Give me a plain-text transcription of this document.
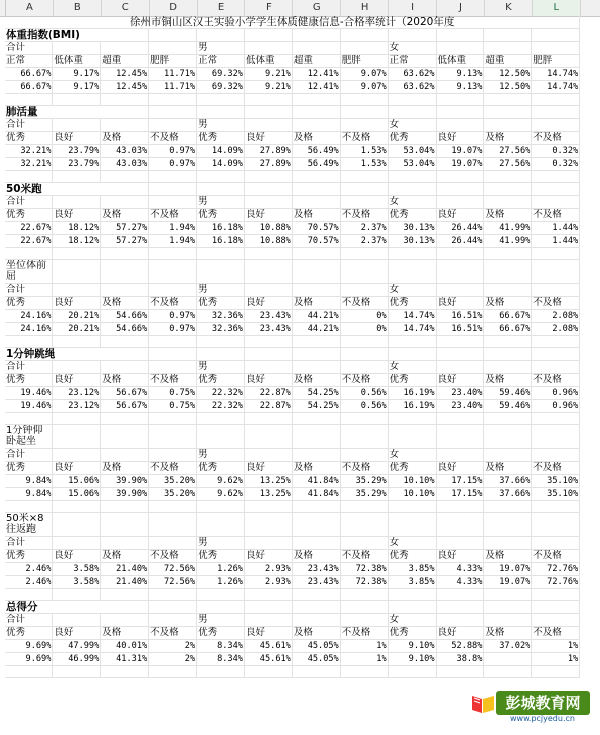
A	B	C	D	E	F	G	H	I	J	K	L
徐州市铜山区汉王实验小学学生体质健康信息-合格率统计（2020年度											
体重指数(BMI)											
合计				男				女			
正常	低体重	超重	肥胖	正常	低体重	超重	肥胖	正常	低体重	超重	肥胖
66.67%	9.17%	12.45%	11.71%	69.32%	9.21%	12.41%	9.07%	63.62%	9.13%	12.50%	14.74%
66.67%	9.17%	12.45%	11.71%	69.32%	9.21%	12.41%	9.07%	63.62%	9.13%	12.50%	14.74%

肺活量											
合计				男				女			
优秀	良好	及格	不及格	优秀	良好	及格	不及格	优秀	良好	及格	不及格
32.21%	23.79%	43.03%	0.97%	14.09%	27.89%	56.49%	1.53%	53.04%	19.07%	27.56%	0.32%
32.21%	23.79%	43.03%	0.97%	14.09%	27.89%	56.49%	1.53%	53.04%	19.07%	27.56%	0.32%

50米跑											
合计				男				女			
优秀	良好	及格	不及格	优秀	良好	及格	不及格	优秀	良好	及格	不及格
22.67%	18.12%	57.27%	1.94%	16.18%	10.88%	70.57%	2.37%	30.13%	26.44%	41.99%	1.44%
22.67%	18.12%	57.27%	1.94%	16.18%	10.88%	70.57%	2.37%	30.13%	26.44%	41.99%	1.44%

坐位体前屈											
合计				男				女			
优秀	良好	及格	不及格	优秀	良好	及格	不及格	优秀	良好	及格	不及格
24.16%	20.21%	54.66%	0.97%	32.36%	23.43%	44.21%	0%	14.74%	16.51%	66.67%	2.08%
24.16%	20.21%	54.66%	0.97%	32.36%	23.43%	44.21%	0%	14.74%	16.51%	66.67%	2.08%

1分钟跳绳											
合计				男				女			
优秀	良好	及格	不及格	优秀	良好	及格	不及格	优秀	良好	及格	不及格
19.46%	23.12%	56.67%	0.75%	22.32%	22.87%	54.25%	0.56%	16.19%	23.40%	59.46%	0.96%
19.46%	23.12%	56.67%	0.75%	22.32%	22.87%	54.25%	0.56%	16.19%	23.40%	59.46%	0.96%

1分钟仰卧起坐											
合计				男				女			
优秀	良好	及格	不及格	优秀	良好	及格	不及格	优秀	良好	及格	不及格
9.84%	15.06%	39.90%	35.20%	9.62%	13.25%	41.84%	35.29%	10.10%	17.15%	37.66%	35.10%
9.84%	15.06%	39.90%	35.20%	9.62%	13.25%	41.84%	35.29%	10.10%	17.15%	37.66%	35.10%

50米×8往返跑											
合计				男				女			
优秀	良好	及格	不及格	优秀	良好	及格	不及格	优秀	良好	及格	不及格
2.46%	3.58%	21.40%	72.56%	1.26%	2.93%	23.43%	72.38%	3.85%	4.33%	19.07%	72.76%
2.46%	3.58%	21.40%	72.56%	1.26%	2.93%	23.43%	72.38%	3.85%	4.33%	19.07%	72.76%

总得分											
合计				男				女			
优秀	良好	及格	不及格	优秀	良好	及格	不及格	优秀	良好	及格	不及格
9.69%	47.99%	40.01%	2%	8.34%	45.61%	45.05%	1%	9.10%	52.88%	37.02%	1%
9.69%	46.99%	41.31%	2%	8.34%	45.61%	45.05%	1%	9.10%	38.8%		1%

彭城教育网
www.pcjyedu.cn
